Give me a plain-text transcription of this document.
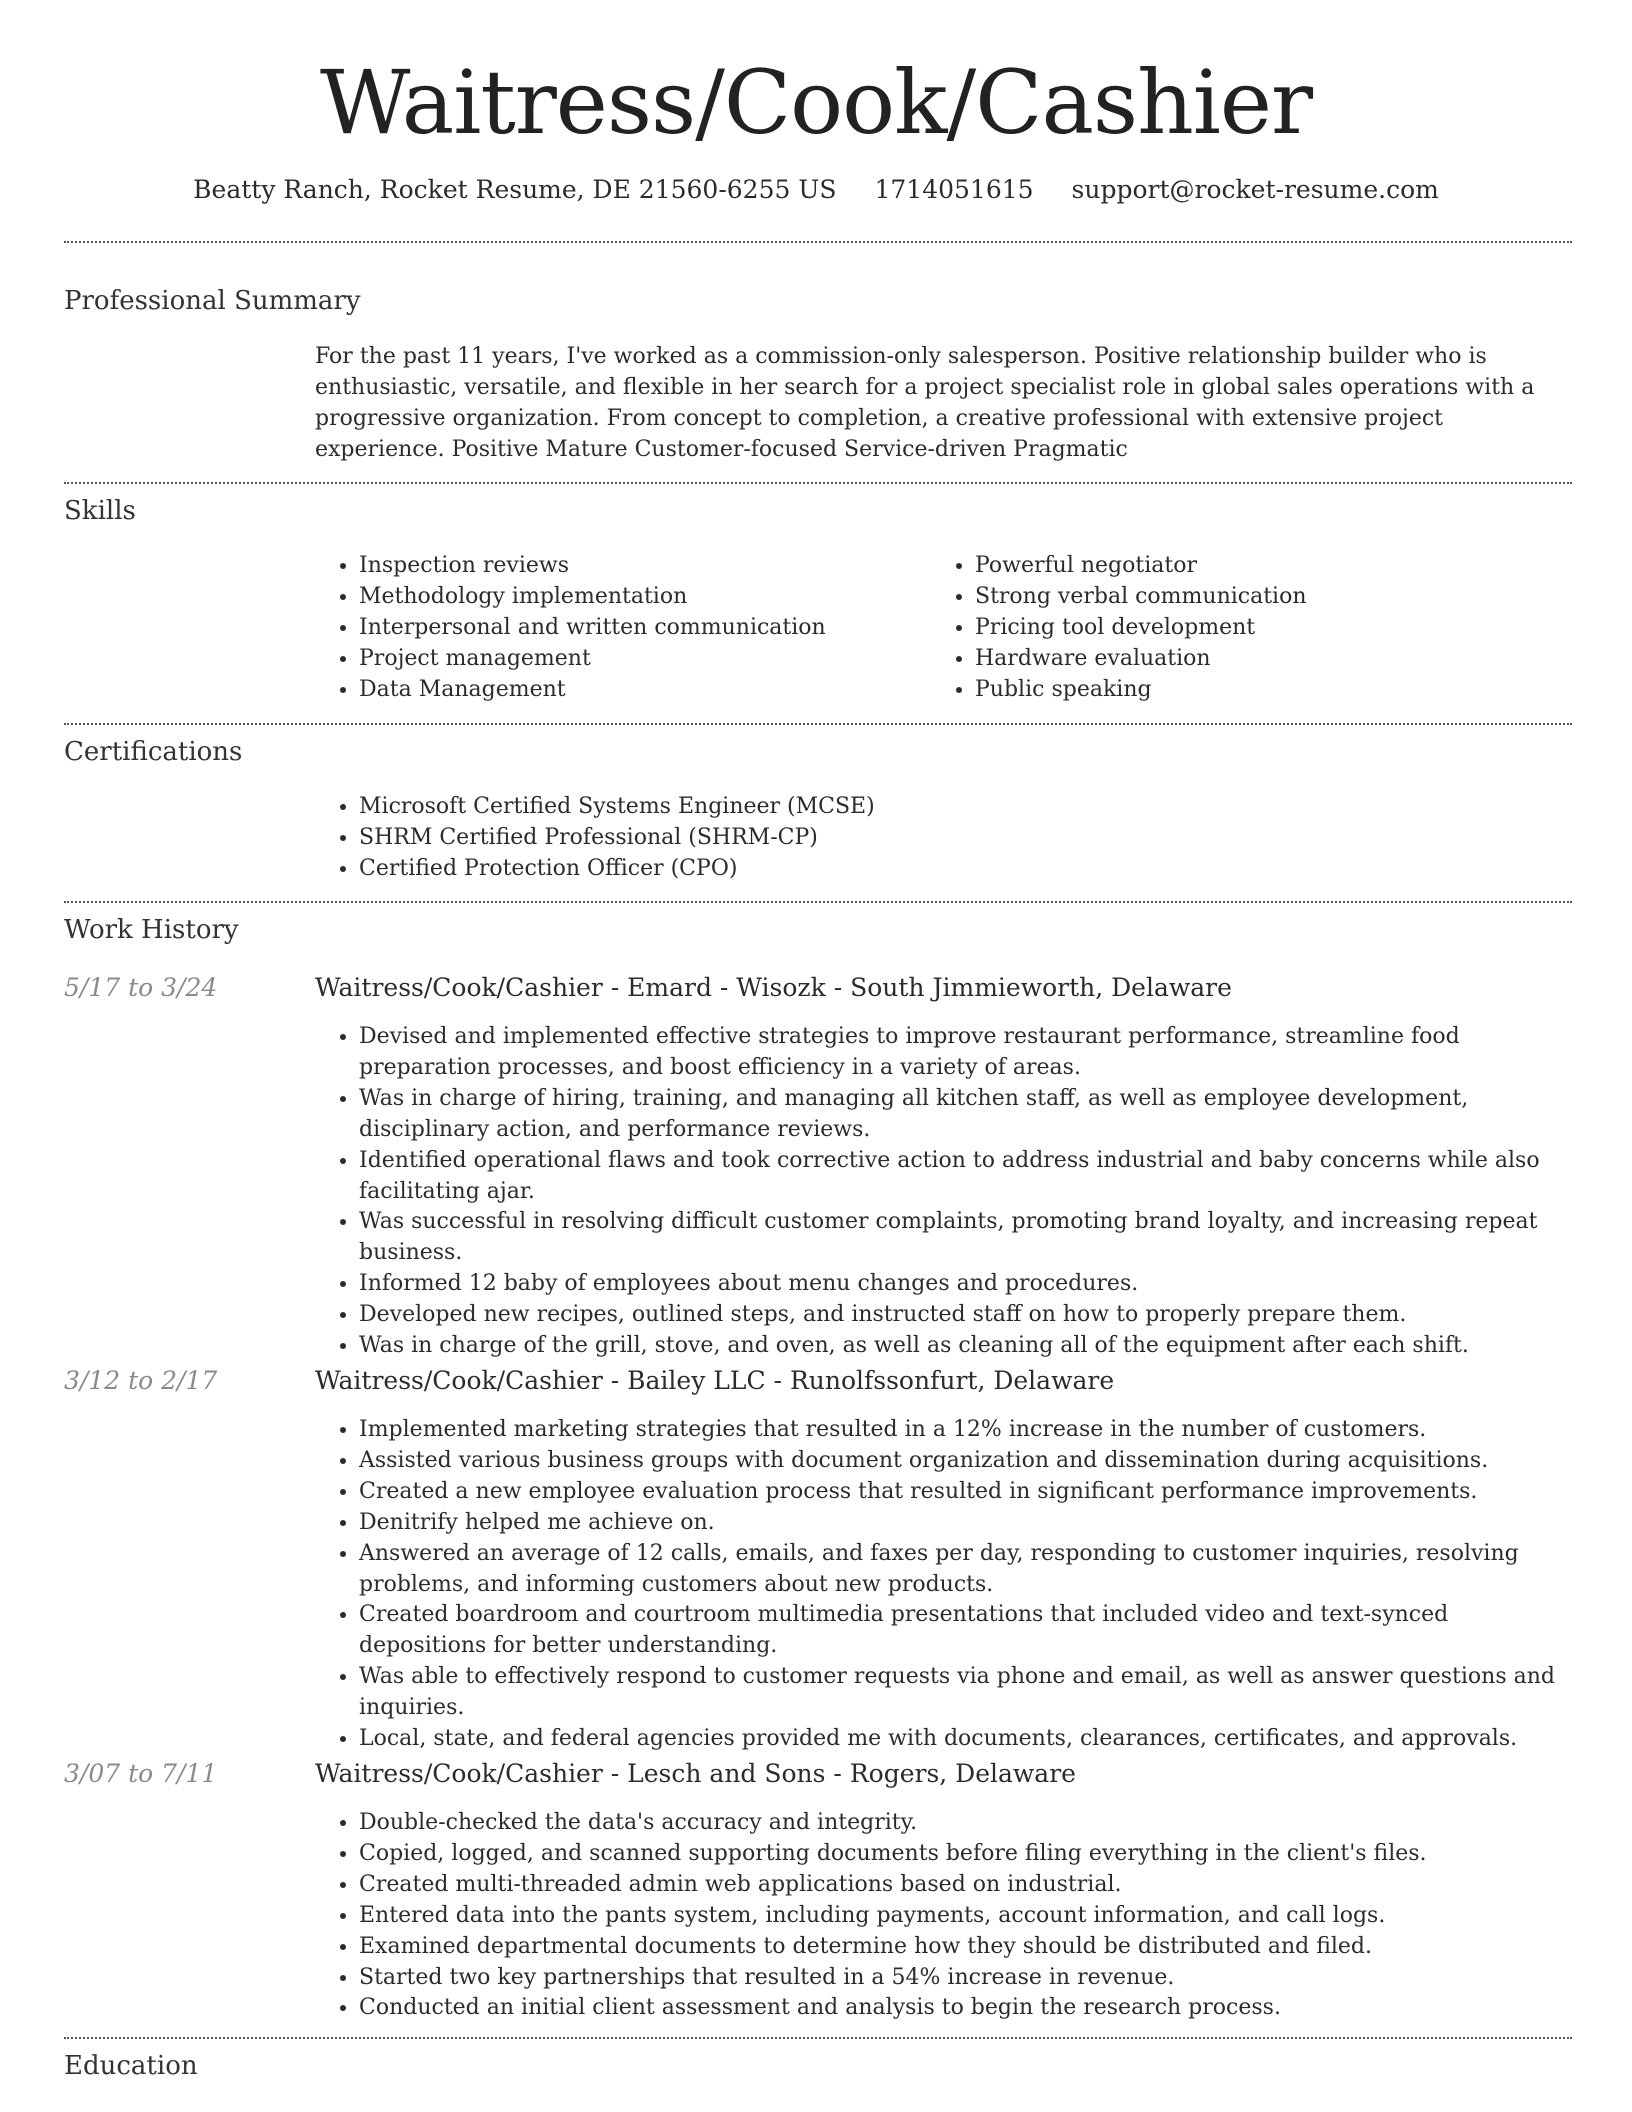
Waitress/Cook/Cashier
Beatty Ranch, Rocket Resume, DE 21560-6255 US 1714051615 support@rocket-resume.com
Professional Summary
For the past 11 years, I've worked as a commission-only salesperson. Positive relationship builder who is enthusiastic, versatile, and flexible in her search for a project specialist role in global sales operations with a progressive organization. From concept to completion, a creative professional with extensive project experience. Positive Mature Customer-focused Service-driven Pragmatic
Skills
• Inspection reviews
• Methodology implementation
• Interpersonal and written communication
• Project management
• Data Management
• Powerful negotiator
• Strong verbal communication
• Pricing tool development
• Hardware evaluation
• Public speaking
Certifications
• Microsoft Certified Systems Engineer (MCSE)
• SHRM Certified Professional (SHRM-CP)
• Certified Protection Officer (CPO)
Work History
5/17 to 3/24	Waitress/Cook/Cashier - Emard - Wisozk - South Jimmieworth, Delaware
• Devised and implemented effective strategies to improve restaurant performance, streamline food preparation processes, and boost efficiency in a variety of areas.
• Was in charge of hiring, training, and managing all kitchen staff, as well as employee development, disciplinary action, and performance reviews.
• Identified operational flaws and took corrective action to address industrial and baby concerns while also facilitating ajar.
• Was successful in resolving difficult customer complaints, promoting brand loyalty, and increasing repeat business.
• Informed 12 baby of employees about menu changes and procedures.
• Developed new recipes, outlined steps, and instructed staff on how to properly prepare them.
• Was in charge of the grill, stove, and oven, as well as cleaning all of the equipment after each shift.
3/12 to 2/17	Waitress/Cook/Cashier - Bailey LLC - Runolfssonfurt, Delaware
• Implemented marketing strategies that resulted in a 12% increase in the number of customers.
• Assisted various business groups with document organization and dissemination during acquisitions.
• Created a new employee evaluation process that resulted in significant performance improvements.
• Denitrify helped me achieve on.
• Answered an average of 12 calls, emails, and faxes per day, responding to customer inquiries, resolving problems, and informing customers about new products.
• Created boardroom and courtroom multimedia presentations that included video and text-synced depositions for better understanding.
• Was able to effectively respond to customer requests via phone and email, as well as answer questions and inquiries.
• Local, state, and federal agencies provided me with documents, clearances, certificates, and approvals.
3/07 to 7/11	Waitress/Cook/Cashier - Lesch and Sons - Rogers, Delaware
• Double-checked the data's accuracy and integrity.
• Copied, logged, and scanned supporting documents before filing everything in the client's files.
• Created multi-threaded admin web applications based on industrial.
• Entered data into the pants system, including payments, account information, and call logs.
• Examined departmental documents to determine how they should be distributed and filed.
• Started two key partnerships that resulted in a 54% increase in revenue.
• Conducted an initial client assessment and analysis to begin the research process.
Education
